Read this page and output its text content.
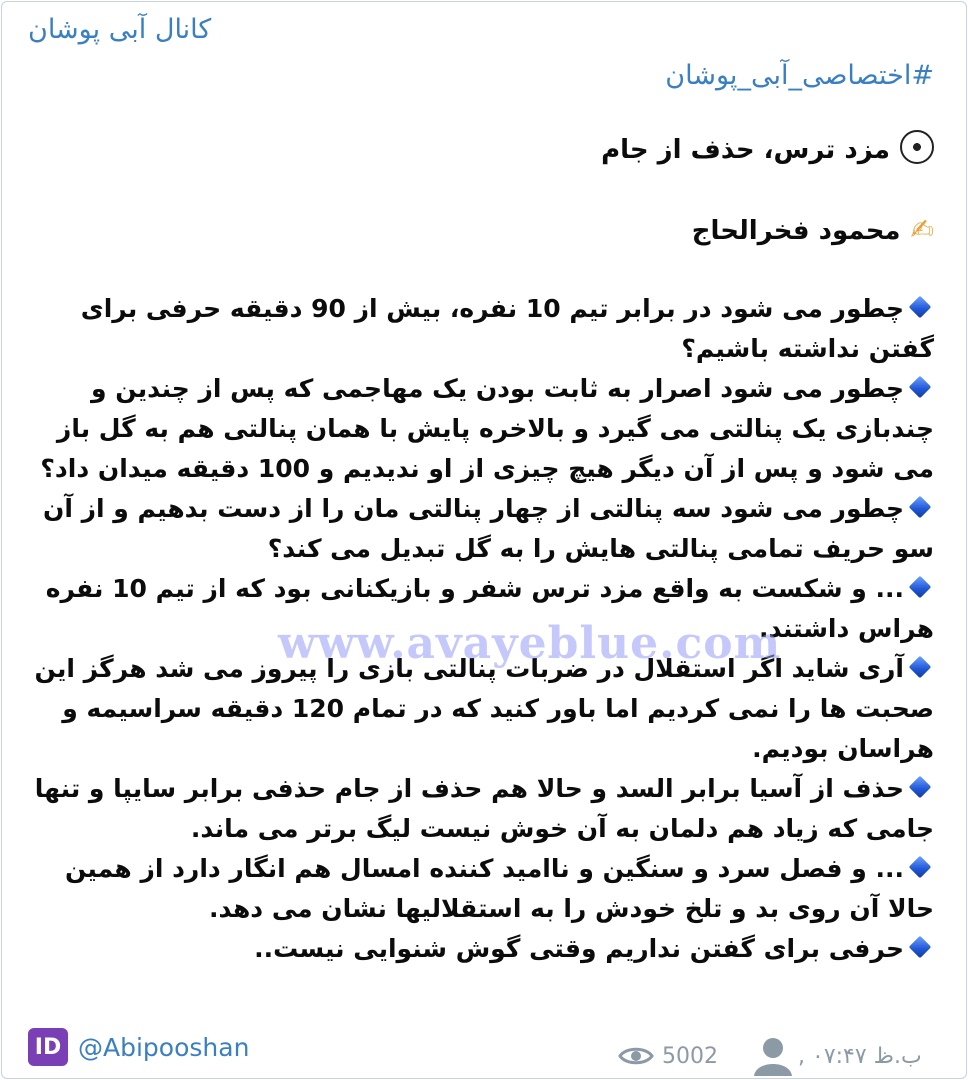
کانال آبی پوشان
#اختصاصی_آبی_پوشان
مزد ترس، حذف از جام
✍محمود فخرالحاج

چطور می شود در برابر تیم 10 نفره، بیش از 90 دقیقه حرفی برای گفتن نداشته باشیم؟

چطور می شود اصرار به ثابت بودن یک مهاجمی که پس از چندین و چندبازی یک پنالتی می گیرد و بالاخره پایش با همان پنالتی هم به گل باز می شود و پس از آن دیگر هیچ چیزی از او ندیدیم و 100 دقیقه میدان داد؟

چطور می شود سه پنالتی از چهار پنالتی مان را از دست بدهیم و از آن سو حریف تمامی پنالتی هایش را به گل تبدیل می کند؟

... و شکست به واقع مزد ترس شفر و بازیکنانی بود که از تیم 10 نفره هراس داشتند.

آری شاید اگر استقلال در ضربات پنالتی بازی را پیروز می شد هرگز این صحبت ها را نمی کردیم اما باور کنید که در تمام 120 دقیقه سراسیمه و هراسان بودیم.

حذف از آسیا برابر السد و حالا هم حذف از جام حذفی برابر سایپا و تنها جامی که زیاد هم دلمان به آن خوش نیست لیگ برتر می ماند.

... و فصل سرد و سنگین و ناامید کننده امسال هم انگار دارد از همین حالا آن روی بد و تلخ خودش را به استقلالیها نشان می دهد.

حرفی برای گفتن نداریم وقتی گوش شنوایی نیست..

www.avayeblue.com
ID @Abipooshan	5002	ب.ظ ۰۷:۴۷ ,
